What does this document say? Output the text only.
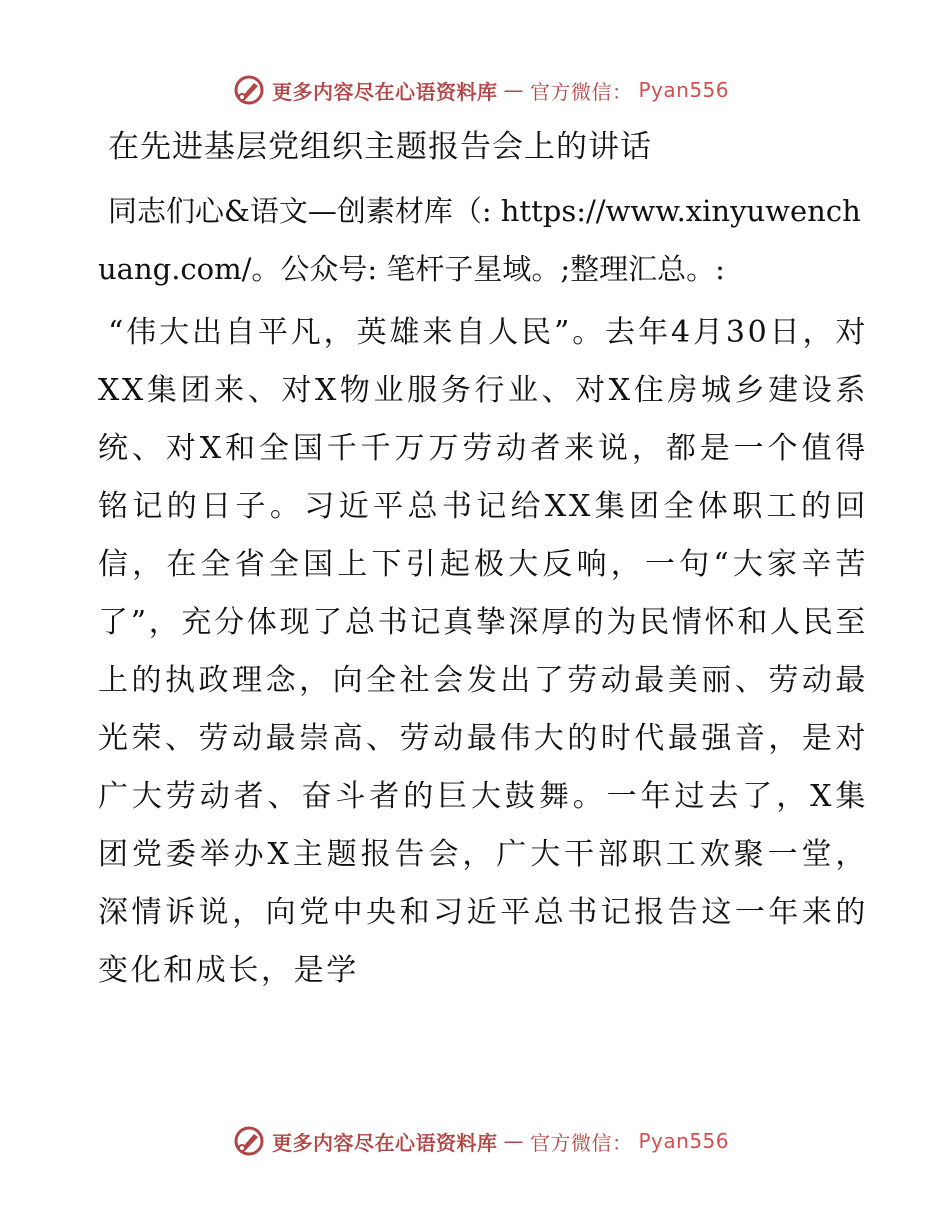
更多内容尽在心语资料库 — 官方微信： Pyan556
在先进基层党组织主题报告会上的讲话

同志们心&语文—创素材库（: https://www.xinyuwenchuang.com/。公众号: 笔杆子星域。;整理汇总。:

“伟大出自平凡，英雄来自人民”。去年4月30日，对XX集团来、对X物业服务行业、对X住房城乡建设系统、对X和全国千千万万劳动者来说，都是一个值得铭记的日子。习近平总书记给XX集团全体职工的回信，在全省全国上下引起极大反响，一句“大家辛苦了”，充分体现了总书记真挚深厚的为民情怀和人民至上的执政理念，向全社会发出了劳动最美丽、劳动最光荣、劳动最崇高、劳动最伟大的时代最强音，是对广大劳动者、奋斗者的巨大鼓舞。一年过去了，X集团党委举办X主题报告会，广大干部职工欢聚一堂，深情诉说，向党中央和习近平总书记报告这一年来的变化和成长，是学

更多内容尽在心语资料库 — 官方微信： Pyan556
